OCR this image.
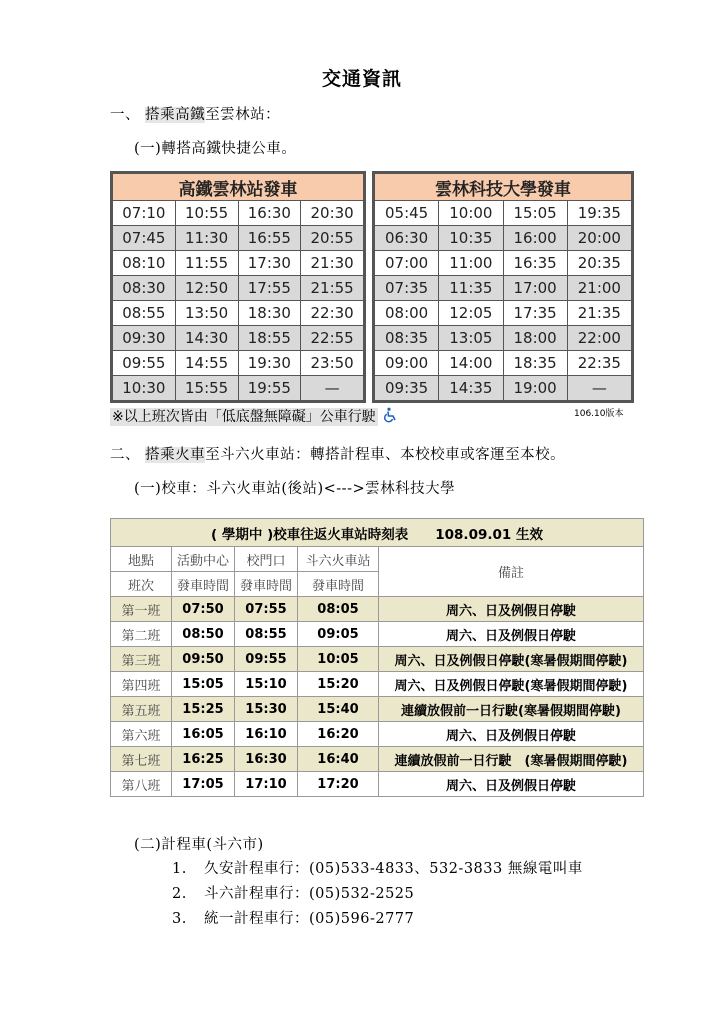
交通資訊
一、 搭乘高鐵至雲林站：
(一)轉搭高鐵快捷公車。
高鐵雲林站發車			
07:10	10:55	16:30	20:30
07:45	11:30	16:55	20:55
08:10	11:55	17:30	21:30
08:30	12:50	17:55	21:55
08:55	13:50	18:30	22:30
09:30	14:30	18:55	22:55
09:55	14:55	19:30	23:50
10:30	15:55	19:55	—
雲林科技大學發車			
05:45	10:00	15:05	19:35
06:30	10:35	16:00	20:00
07:00	11:00	16:35	20:35
07:35	11:35	17:00	21:00
08:00	12:05	17:35	21:35
08:35	13:05	18:00	22:00
09:00	14:00	18:35	22:35
09:35	14:35	19:00	—
※以上班次皆由「低底盤無障礙」公車行駛	106.10版本
二、 搭乘火車至斗六火車站：轉搭計程車、本校校車或客運至本校。
(一)校車：斗六火車站(後站)<--->雲林科技大學
( 學期中 )校車往返火車站時刻表　　108.09.01 生效				
地點	活動中心	校門口	斗六火車站	備註
班次	發車時間	發車時間	發車時間	
第一班	07:50	07:55	08:05	周六、日及例假日停駛
第二班	08:50	08:55	09:05	周六、日及例假日停駛
第三班	09:50	09:55	10:05	周六、日及例假日停駛(寒暑假期間停駛)
第四班	15:05	15:10	15:20	周六、日及例假日停駛(寒暑假期間停駛)
第五班	15:25	15:30	15:40	連續放假前一日行駛(寒暑假期間停駛)
第六班	16:05	16:10	16:20	周六、日及例假日停駛
第七班	16:25	16:30	16:40	連續放假前一日行駛　(寒暑假期間停駛)
第八班	17:05	17:10	17:20	周六、日及例假日停駛
(二)計程車(斗六市)
1. 久安計程車行：(05)533-4833、532-3833 無線電叫車
2. 斗六計程車行：(05)532-2525
3. 統一計程車行：(05)596-2777
